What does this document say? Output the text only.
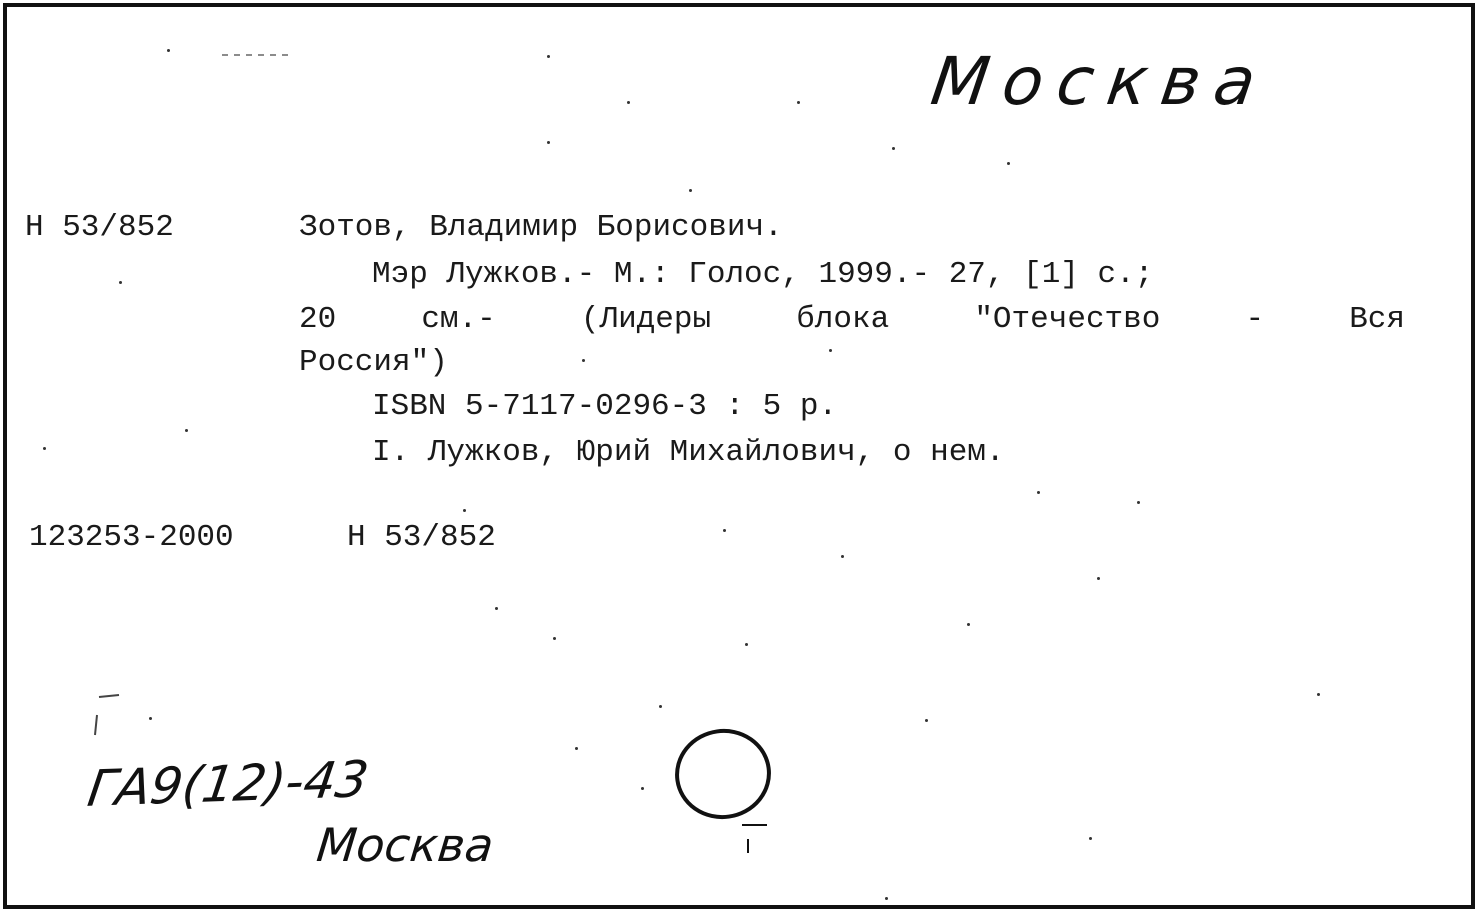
Москва
Н 53/852	Зотов, Владимир Борисович.
Мэр Лужков.- М.: Голос, 1999.- 27, [1] с.;
20	см.-	(Лидеры	блока	"Отечество	-	Вся
Россия")
ISBN 5-7117-0296-3 : 5 р.
I. Лужков, Юрий Михайлович, о нем.
123253-2000	Н 53/852
ГА9(12)-43
Москва
